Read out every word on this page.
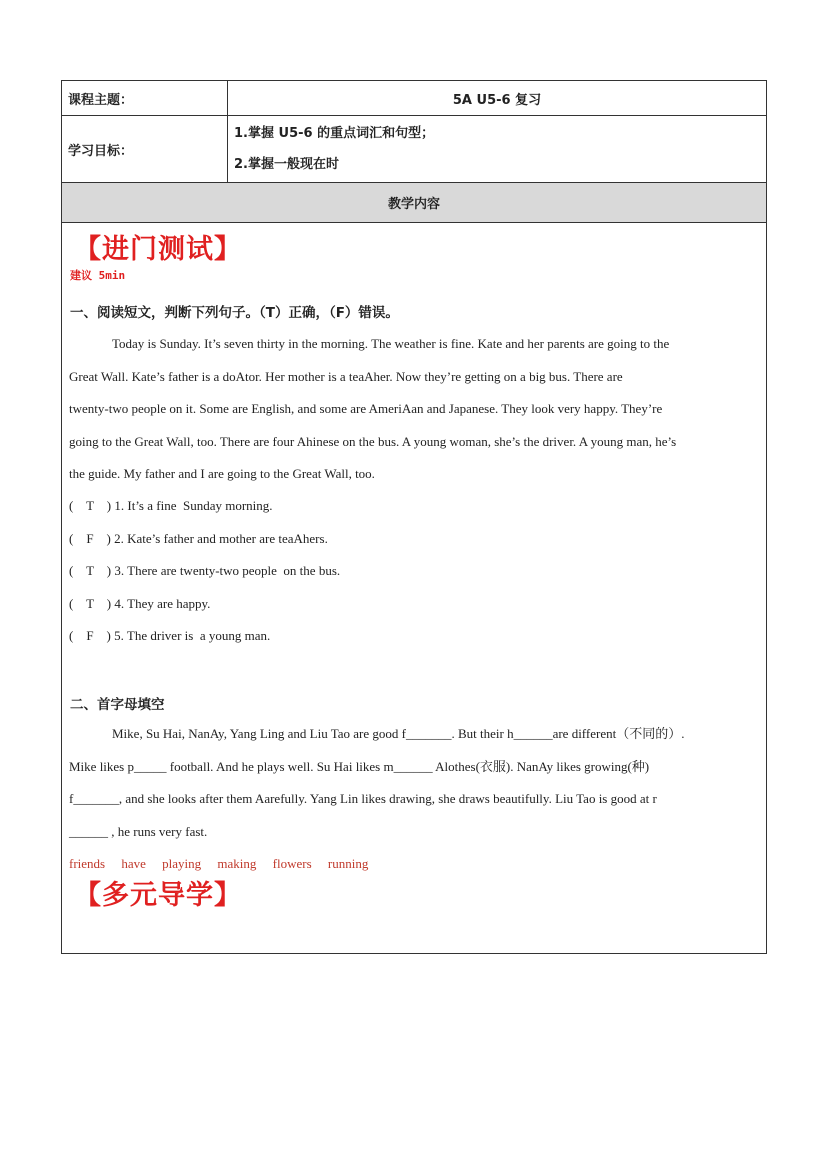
课程主题：	5A U5-6 复习
学习目标：	1.掌握 U5-6 的重点词汇和句型；
2.掌握一般现在时

教学内容	
【进门测试】
建议 5min
一、阅读短文，判断下列句子。（T）正确，（F）错误。
Today is Sunday. It’s seven thirty in the morning. The weather is fine. Kate and her parents are going to the
Great Wall. Kate’s father is a doAtor. Her mother is a teaAher. Now they’re getting on a big bus. There are
twenty-two people on it. Some are English, and some are AmeriAan and Japanese. They look very happy. They’re
going to the Great Wall, too. There are four Ahinese on the bus. A young woman, she’s the driver. A young man, he’s
the guide. My father and I are going to the Great Wall, too.
(    T    ) 1. It’s a fine  Sunday morning.
(    F    ) 2. Kate’s father and mother are teaAhers.
(    T    ) 3. There are twenty-two people  on the bus.
(    T    ) 4. They are happy.
(    F    ) 5. The driver is  a young man.
二、首字母填空
Mike, Su Hai, NanAy, Yang Ling and Liu Tao are good f_______. But their h______are different（不同的）.
Mike likes p_____ football. And he plays well. Su Hai likes m______ Alothes(衣服). NanAy likes growing(种)
f_______, and she looks after them Aarefully. Yang Lin likes drawing, she draws beautifully. Liu Tao is good at r
______ , he runs very fast.
friends have playing making flowers running
【多元导学】
